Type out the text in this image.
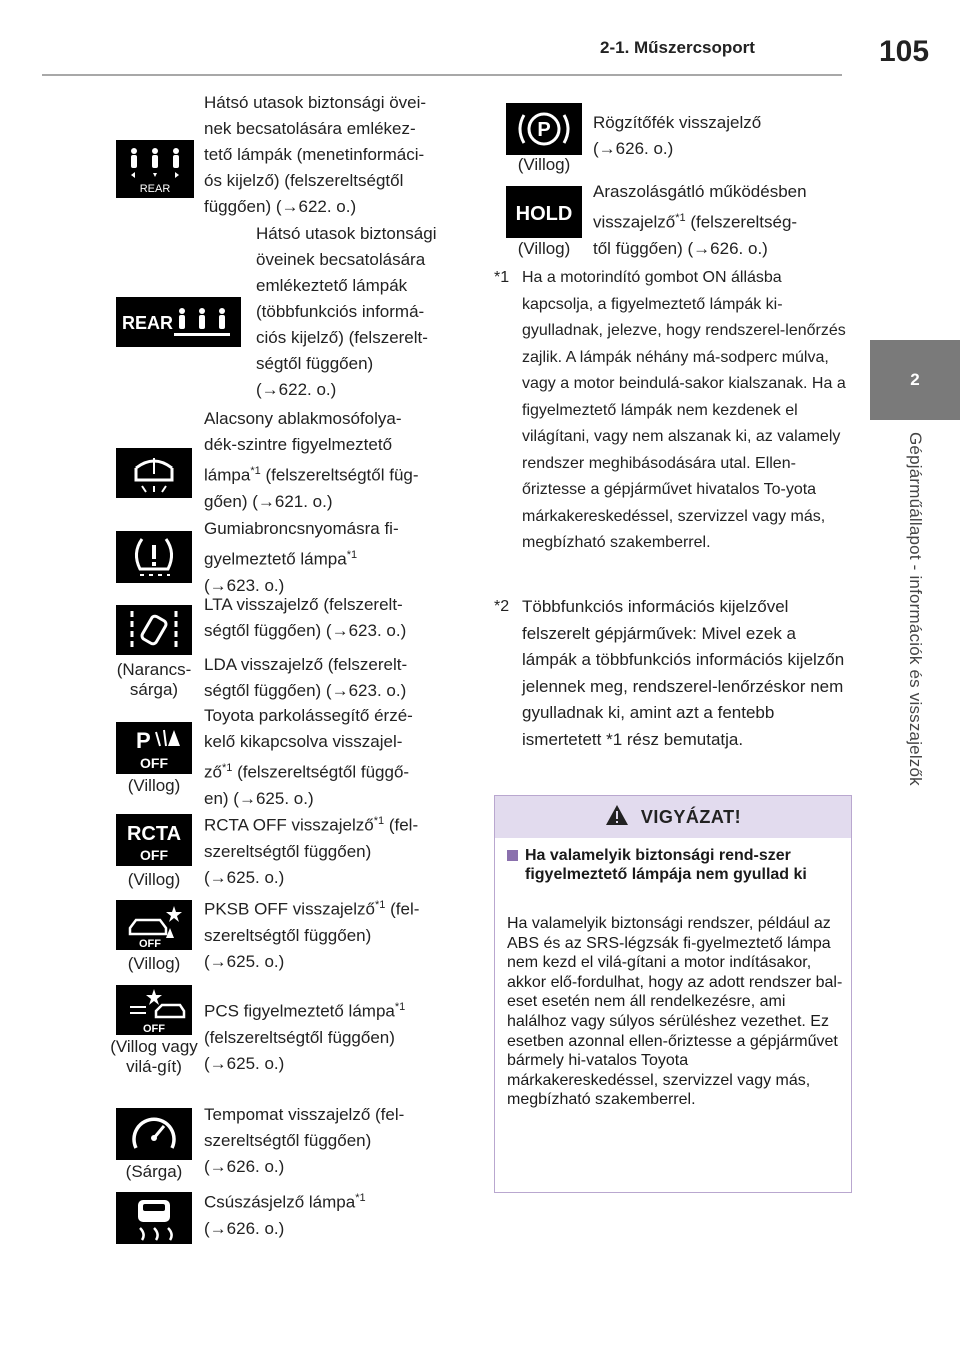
2-1. Műszercsoport	105
2
Gépjárműállapot - információk és visszajelzők
REAR
REAR
(Narancs-sárga)
P
OFF
(Villog)
RCTA
OFF
(Villog)
OFF
(Villog)
OFF
(Villog vagy vilá-gít)
(Sárga)
Hátsó utasok biztonsági övei-
nek becsatolására emlékez-
tető lámpák (menetinformáci-
ós kijelző) (felszereltségtől
függően) (→622. o.)
Hátsó utasok biztonsági
öveinek becsatolására
emlékeztető lámpák
(többfunkciós informá-
ciós kijelző) (felszerelt-
ségtől függően)
(→622. o.)
Alacsony ablakmosófolya-
dék-szintre figyelmeztető
lámpa$^{*1}$ (felszereltségtől füg-
gően) (→621. o.)
Gumiabroncsnyomásra fi-
gyelmeztető lámpa$^{*1}$
(→623. o.)
LTA visszajelző (felszerelt-
ségtől függően) (→623. o.)
LDA visszajelző (felszerelt-
ségtől függően) (→623. o.)
Toyota parkolássegítő érzé-
kelő kikapcsolva visszajel-
$ző^{*1}$ (felszereltségtől függő-
en) (→625. o.)
RCTA OFF visszajelző$^{*1}$ (fel-
szereltségtől függően)
(→625. o.)
PKSB OFF visszajelző$^{*1}$ (fel-
szereltségtől függően)
(→625. o.)
PCS figyelmeztető lámpa$^{*1}$
(felszereltségtől függően)
(→625. o.)
Tempomat visszajelző (fel-
szereltségtől függően)
(→626. o.)
Csúszásjelző lámpa$^{*1}$
(→626. o.)
P
(Villog)
HOLD
(Villog)
Rögzítőfék visszajelző
(→626. o.)
Araszolásgátló működésben
visszajelző$^{*1}$ (felszereltség-
től függően) (→626. o.)
*1 Ha a motorindító gombot ON állásba kapcsolja, a figyelmeztető lámpák ki-gyulladnak, jelezve, hogy rendszerel-lenőrzés zajlik. A lámpák néhány má-sodperc múlva, vagy a motor beindulá-sakor kialszanak. Ha a figyelmeztető lámpák nem kezdenek el világítani, vagy nem alszanak ki, az valamely rendszer meghibásodására utal. Ellen-őriztesse a gépjárművet hivatalos To-yota márkakereskedéssel, szervizzel vagy más, megbízható szakemberrel.
*2 Többfunkciós információs kijelzővel felszerelt gépjárművek: Mivel ezek a lámpák a többfunkciós információs kijelzőn jelennek meg, rendszerel-lenőrzéskor nem gyulladnak ki, amint azt a fentebb ismertetett *1 rész bemutatja.
VIGYÁZAT!
Ha valamelyik biztonsági rend-szer figyelmeztető lámpája nem gyullad ki
Ha valamelyik biztonsági rendszer, például az ABS és az SRS-légzsák fi-gyelmeztető lámpa nem kezd el vilá-gítani a motor indításakor, akkor elő-fordulhat, hogy az adott rendszer bal-eset esetén nem áll rendelkezésre, ami halálhoz vagy súlyos sérüléshez vezethet. Ez esetben azonnal ellen-őriztesse a gépjárművet bármely hi-vatalos Toyota márkakereskedéssel, szervizzel vagy más, megbízható szakemberrel.
